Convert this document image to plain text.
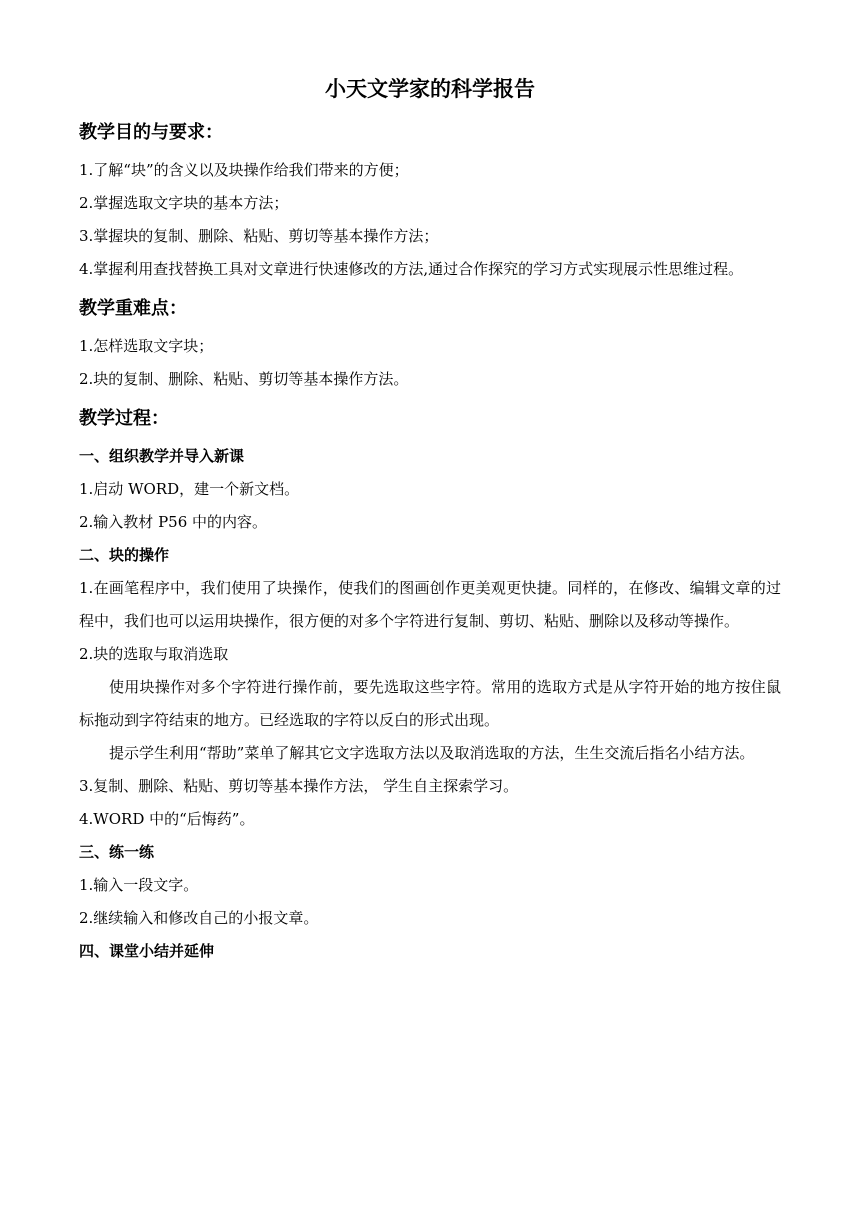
小天文学家的科学报告
教学目的与要求：
1.了解“块”的含义以及块操作给我们带来的方便；
2.掌握选取文字块的基本方法；
3.掌握块的复制、删除、粘贴、剪切等基本操作方法；
4.掌握利用查找替换工具对文章进行快速修改的方法,通过合作探究的学习方式实现展示性思维过程。
教学重难点：
1.怎样选取文字块；
2.块的复制、删除、粘贴、剪切等基本操作方法。
教学过程：
一、组织教学并导入新课
1.启动 WORD，建一个新文档。
2.输入教材 P56 中的内容。
二、块的操作
1.在画笔程序中，我们使用了块操作，使我们的图画创作更美观更快捷。同样的，在修改、编辑文章的过程中，我们也可以运用块操作，很方便的对多个字符进行复制、剪切、粘贴、删除以及移动等操作。
2.块的选取与取消选取
使用块操作对多个字符进行操作前，要先选取这些字符。常用的选取方式是从字符开始的地方按住鼠标拖动到字符结束的地方。已经选取的字符以反白的形式出现。
提示学生利用“帮助”菜单了解其它文字选取方法以及取消选取的方法，生生交流后指名小结方法。
3.复制、删除、粘贴、剪切等基本操作方法， 学生自主探索学习。
4.WORD 中的“后悔药”。
三、练一练
1.输入一段文字。
2.继续输入和修改自己的小报文章。
四、课堂小结并延伸
